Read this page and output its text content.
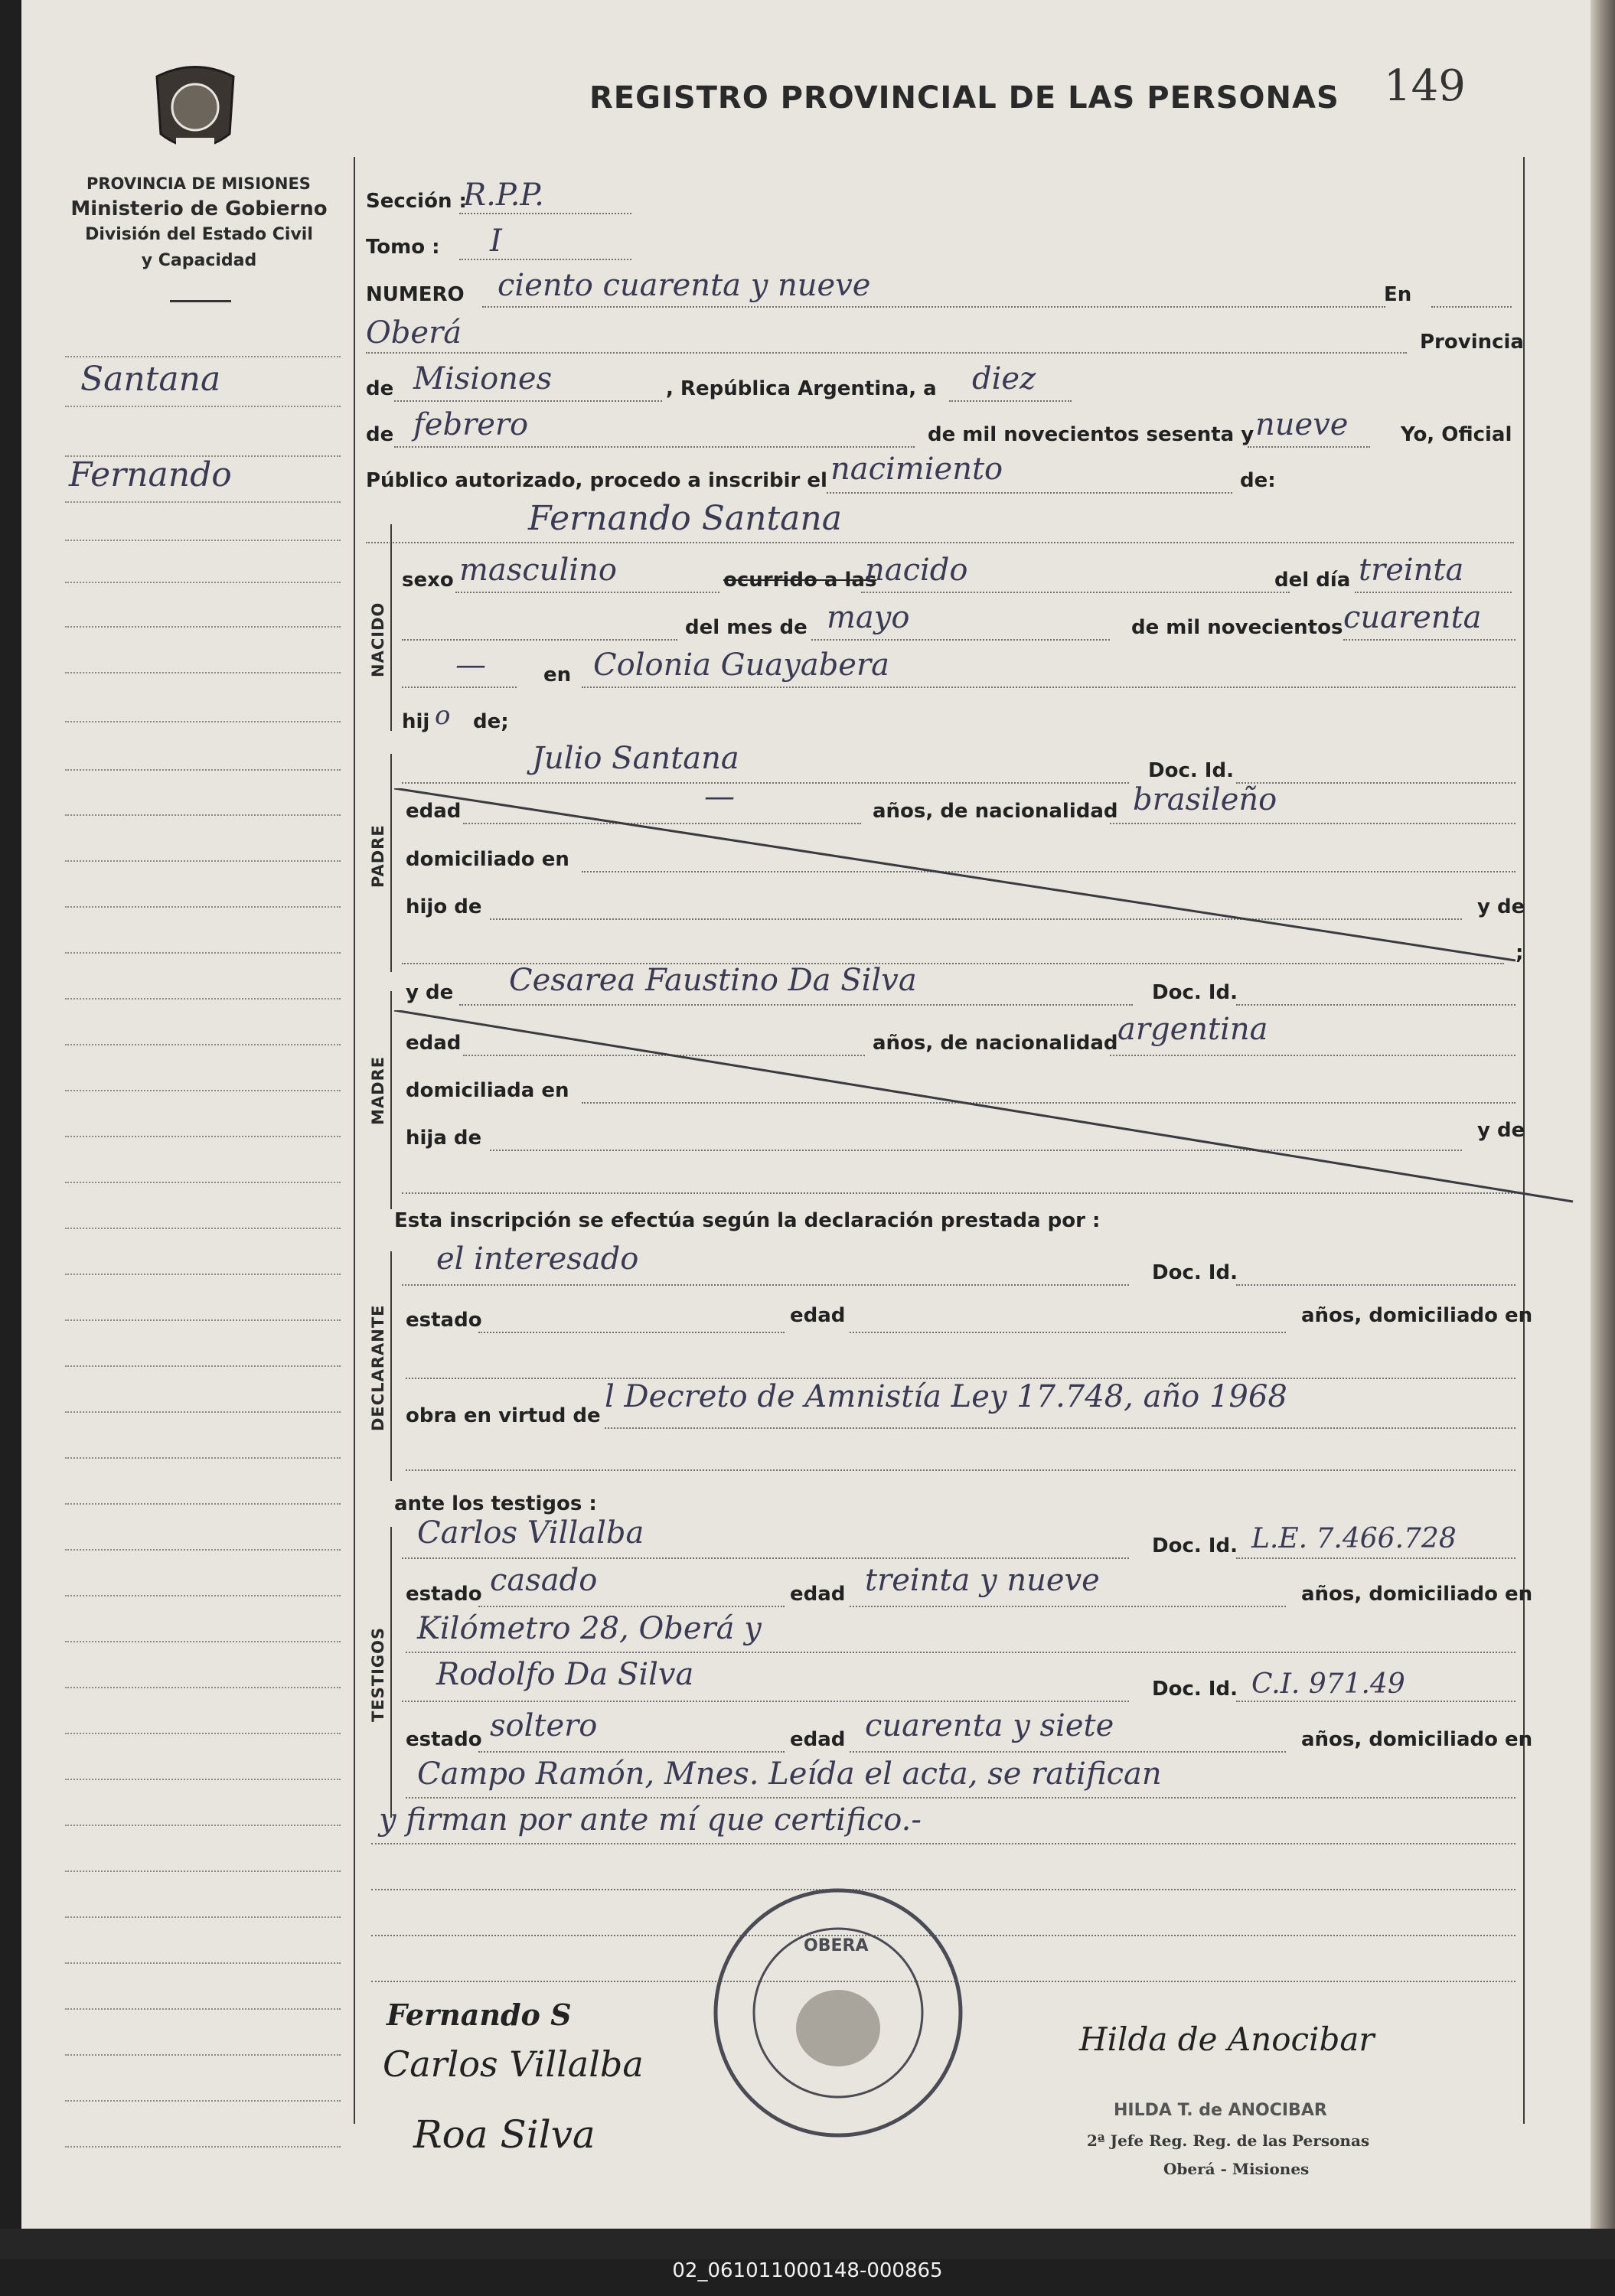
02_061011000148-000865
PROVINCIA DE MISIONES
Ministerio de Gobierno
División del Estado Civil
y Capacidad
REGISTRO PROVINCIAL DE LAS PERSONAS 149
Santana
Fernando
NACIDO
PADRE
MADRE
DECLARANTE
TESTIGOS
Sección :
R.P.P.
Tomo : I
NUMERO ciento cuarenta y nueve	En
Oberá	Provincia
de Misiones	, República Argentina, a diez
de febrero	de mil novecientos sesenta y nueve	Yo, Oficial
Público autorizado, procedo a inscribir el nacimiento	de:
Fernando Santana
sexo masculino	ocurrido a las
nacido	del día treinta
del mes de mayo	de mil novecientos cuarenta
—	en Colonia Guayabera
hij o de;
Julio Santana	Doc. Id.
edad	—	años, de nacionalidad brasileño
domiciliado en
hijo de	y de
;
y de Cesarea Faustino Da Silva	Doc. Id.
edad	años, de nacionalidad argentina
domiciliada en
hija de	y de
Esta inscripción se efectúa según la declaración prestada por :
el interesado	Doc. Id.
estado	edad	años, domiciliado en
obra en virtud de
l Decreto de Amnistía Ley 17.748, año 1968
ante los testigos :
Carlos Villalba	Doc. Id. L.E. 7.466.728
estado casado	edad treinta y nueve	años, domiciliado en
Kilómetro 28, Oberá y
Rodolfo Da Silva	Doc. Id. C.I. 971.49
estado soltero	edad cuarenta y siete	años, domiciliado en
Campo Ramón, Mnes. Leída el acta, se ratifican
y firman por ante mí que certifico.-
OBERA
Fernando S
Carlos Villalba
Roa Silva
Hilda de Anocibar
HILDA T. de ANOCIBAR
2ª Jefe Reg. Reg. de las Personas
Oberá - Misiones
